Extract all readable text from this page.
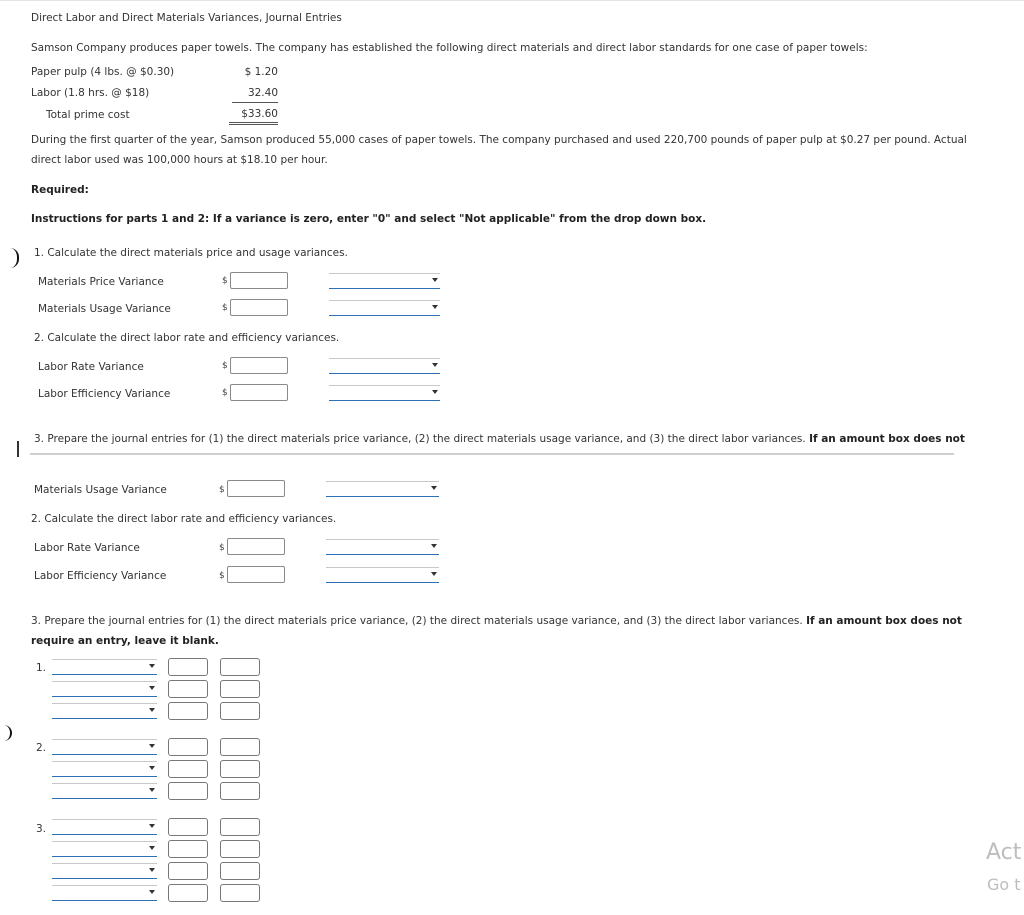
Direct Labor and Direct Materials Variances, Journal Entries
Samson Company produces paper towels. The company has established the following direct materials and direct labor standards for one case of paper towels:
Paper pulp (4 lbs. @ $0.30)	$ 1.20
Labor (1.8 hrs. @ $18)	32.40
Total prime cost	$33.60
During the first quarter of the year, Samson produced 55,000 cases of paper towels. The company purchased and used 220,700 pounds of paper pulp at $0.27 per pound. Actual
direct labor used was 100,000 hours at $18.10 per hour.
Required:
Instructions for parts 1 and 2: If a variance is zero, enter "0" and select "Not applicable" from the drop down box.
1. Calculate the direct materials price and usage variances.
Materials Price Variance	$
Materials Usage Variance	$
2. Calculate the direct labor rate and efficiency variances.
Labor Rate Variance	$
Labor Efficiency Variance	$
3. Prepare the journal entries for (1) the direct materials price variance, (2) the direct materials usage variance, and (3) the direct labor variances. If an amount box does not
Materials Usage Variance	$
2. Calculate the direct labor rate and efficiency variances.
Labor Rate Variance	$
Labor Efficiency Variance	$
3. Prepare the journal entries for (1) the direct materials price variance, (2) the direct materials usage variance, and (3) the direct labor variances. If an amount box does not
require an entry, leave it blank.
1.
2.
3.
Act
Go t
